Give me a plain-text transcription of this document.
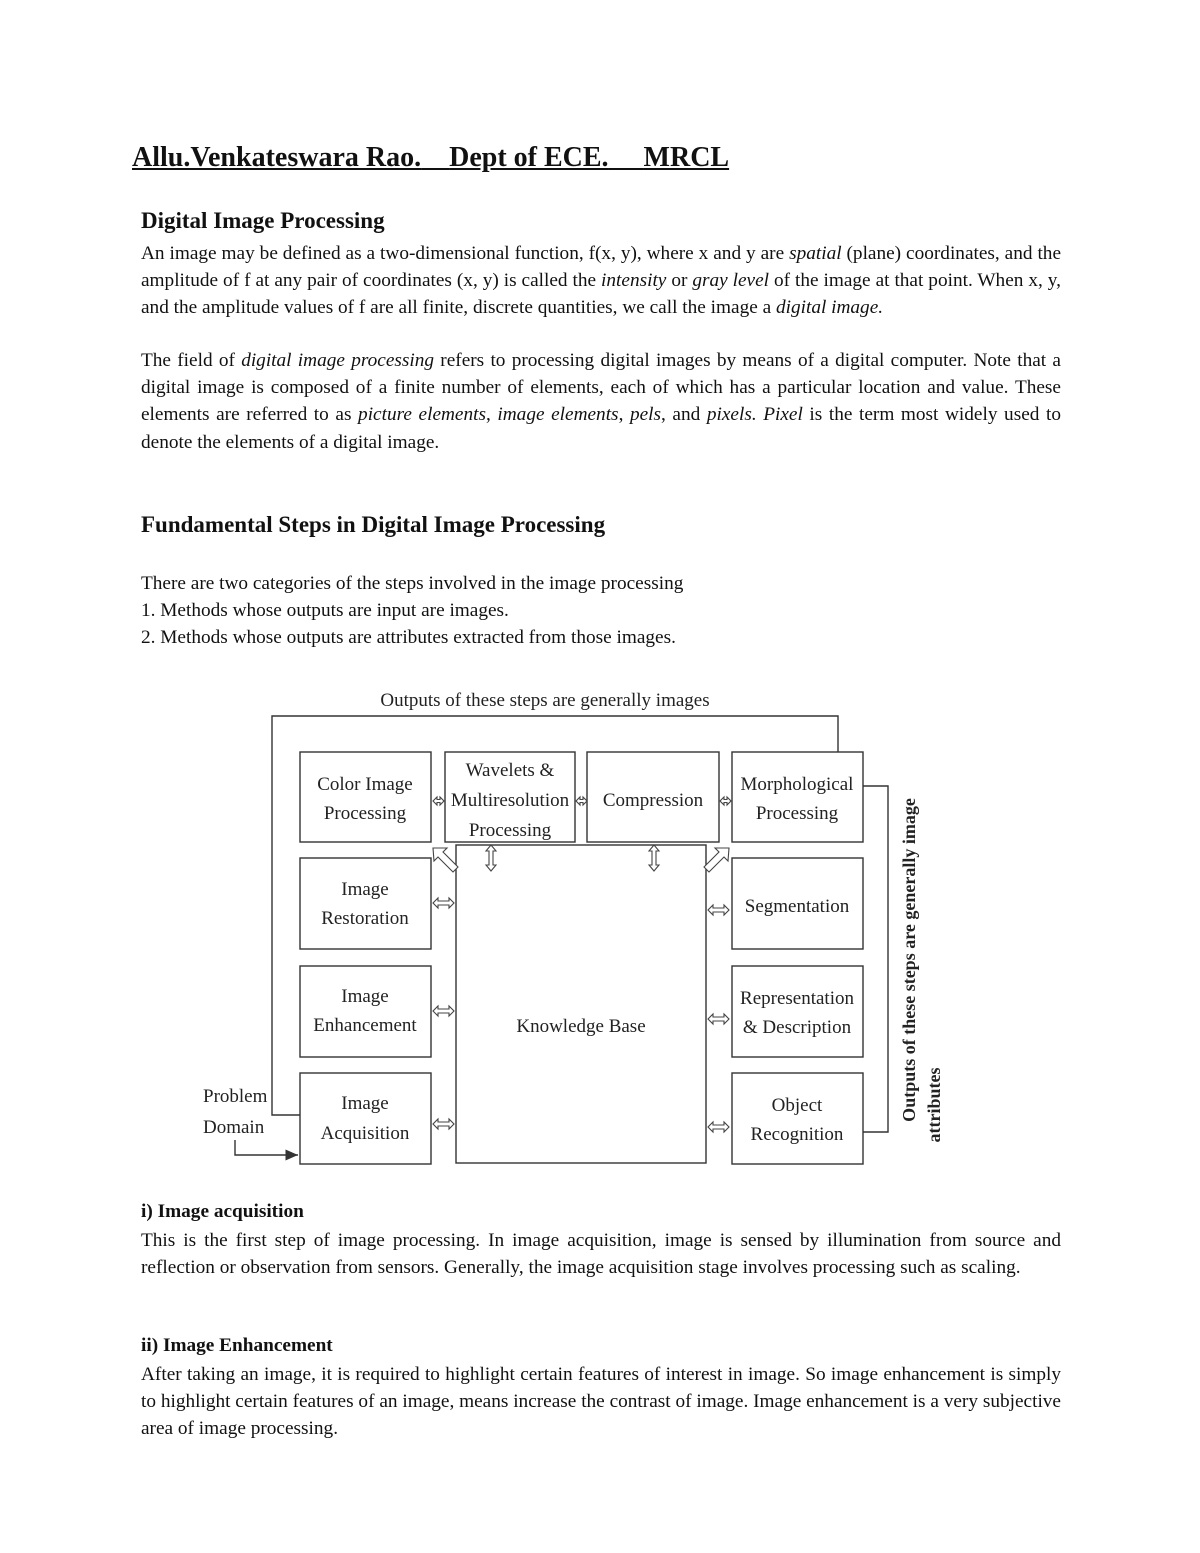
Allu.Venkateswara Rao. Dept of ECE. MRCL

Digital Image Processing

An image may be defined as a two-dimensional function, f(x, y), where x and y are spatial (plane) coordinates, and the amplitude of f at any pair of coordinates (x, y) is called the intensity or gray level of the image at that point. When x, y, and the amplitude values of f are all finite, discrete quantities, we call the image a digital image.

The field of digital image processing refers to processing digital images by means of a digital computer. Note that a digital image is composed of a finite number of elements, each of which has a particular location and value. These elements are referred to as picture elements, image elements, pels, and pixels. Pixel is the term most widely used to denote the elements of a digital image.

Fundamental Steps in Digital Image Processing
There are two categories of the steps involved in the image processing
1. Methods whose outputs are input are images.
2. Methods whose outputs are attributes extracted from those images.
Outputs of these steps are generally images
Outputs of these steps are generally image attributes
Problem
Domain
Knowledge Base
Color Image
Processing
Wavelets &
Multiresolution
Processing
Compression
Morphological
Processing
Image
Restoration
Image
Enhancement
Image
Acquisition
Segmentation
Representation
& Description
Object
Recognition

i) Image acquisition

This is the first step of image processing. In image acquisition, image is sensed by illumination from source and reflection or observation from sensors. Generally, the image acquisition stage involves processing such as scaling.

ii) Image Enhancement

After taking an image, it is required to highlight certain features of interest in image. So image enhancement is simply to highlight certain features of an image, means increase the contrast of image. Image enhancement is a very subjective area of image processing.
